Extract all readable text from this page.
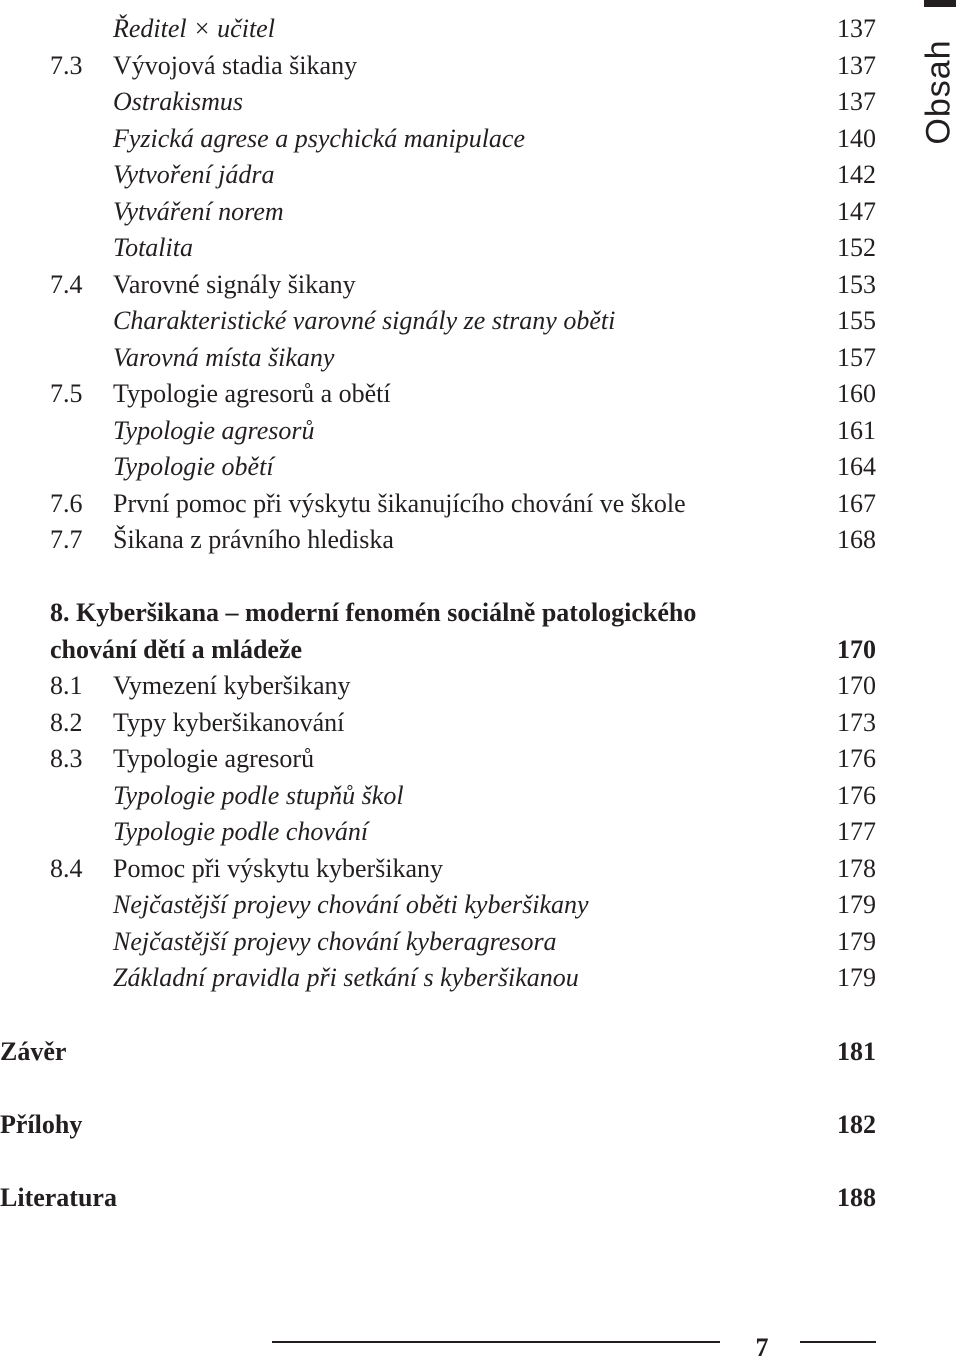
Obsah
Ředitel × učitel	137
7.3 Vývojová stadia šikany	137
Ostrakismus	137
Fyzická agrese a psychická manipulace	140
Vytvoření jádra	142
Vytváření norem	147
Totalita	152
7.4 Varovné signály šikany	153
Charakteristické varovné signály ze strany oběti	155
Varovná místa šikany	157
7.5 Typologie agresorů a obětí	160
Typologie agresorů	161
Typologie obětí	164
7.6 První pomoc při výskytu šikanujícího chování ve škole	167
7.7 Šikana z právního hlediska	168
8. Kyberšikana – moderní fenomén sociálně patologického
chování dětí a mládeže	170
8.1 Vymezení kyberšikany	170
8.2 Typy kyberšikanování	173
8.3 Typologie agresorů	176
Typologie podle stupňů škol	176
Typologie podle chování	177
8.4 Pomoc při výskytu kyberšikany	178
Nejčastější projevy chování oběti kyberšikany	179
Nejčastější projevy chování kyberagresora	179
Základní pravidla při setkání s kyberšikanou	179
Závěr	181
Přílohy	182
Literatura	188
7
